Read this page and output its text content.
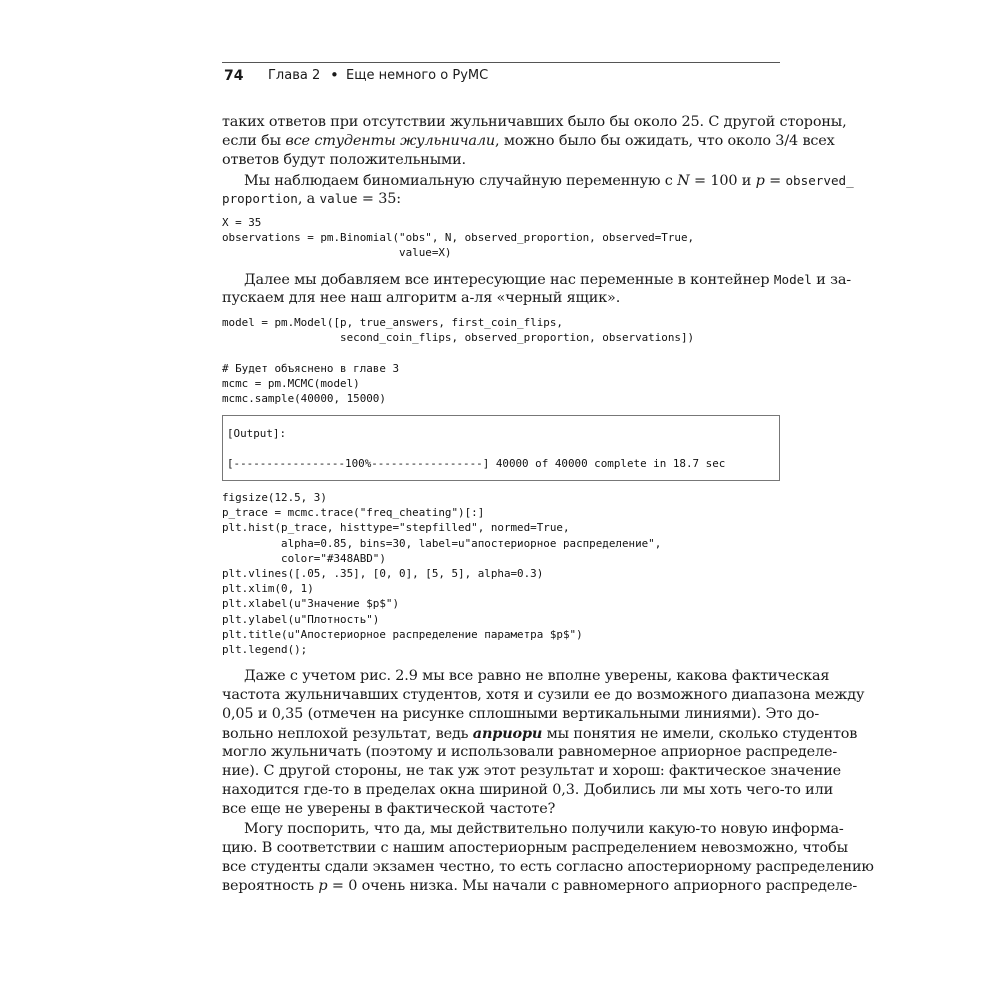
74 Глава 2 • Еще немного о PyMC
таких ответов при отсутствии жульничавших было бы около 25. С другой стороны,
если бы все студенты жульничали, можно было бы ожидать, что около 3/4 всех
ответов будут положительными.
Мы наблюдаем биномиальную случайную переменную с N = 100 и p = observed_
proportion, а value = 35:
X = 35
observations = pm.Binomial("obs", N, observed_proportion, observed=True,
value=X)
Далее мы добавляем все интересующие нас переменные в контейнер Model и за-
пускаем для нее наш алгоритм а-ля «черный ящик».
model = pm.Model([p, true_answers, first_coin_flips,
second_coin_flips, observed_proportion, observations])
# Будет объяснено в главе 3
mcmc = pm.MCMC(model)
mcmc.sample(40000, 15000)
[Output]:
[-----------------100%-----------------] 40000 of 40000 complete in 18.7 sec
figsize(12.5, 3)
p_trace = mcmc.trace("freq_cheating")[:]
plt.hist(p_trace, histtype="stepfilled", normed=True,
alpha=0.85, bins=30, label=u"апостериорное распределение",
color="#348ABD")
plt.vlines([.05, .35], [0, 0], [5, 5], alpha=0.3)
plt.xlim(0, 1)
plt.xlabel(u"Значение $p$")
plt.ylabel(u"Плотность")
plt.title(u"Апостериорное распределение параметра $p$")
plt.legend();
Даже с учетом рис. 2.9 мы все равно не вполне уверены, какова фактическая
частота жульничавших студентов, хотя и сузили ее до возможного диапазона между
0,05 и 0,35 (отмечен на рисунке сплошными вертикальными линиями). Это до-
вольно неплохой результат, ведь априори мы понятия не имели, сколько студентов
могло жульничать (поэтому и использовали равномерное априорное распределе-
ние). С другой стороны, не так уж этот результат и хорош: фактическое значение
находится где-то в пределах окна шириной 0,3. Добились ли мы хоть чего-то или
все еще не уверены в фактической частоте?
Могу поспорить, что да, мы действительно получили какую-то новую информа-
цию. В соответствии с нашим апостериорным распределением невозможно, чтобы
все студенты сдали экзамен честно, то есть согласно апостериорному распределению
вероятность p = 0 очень низка. Мы начали с равномерного априорного распределе-
